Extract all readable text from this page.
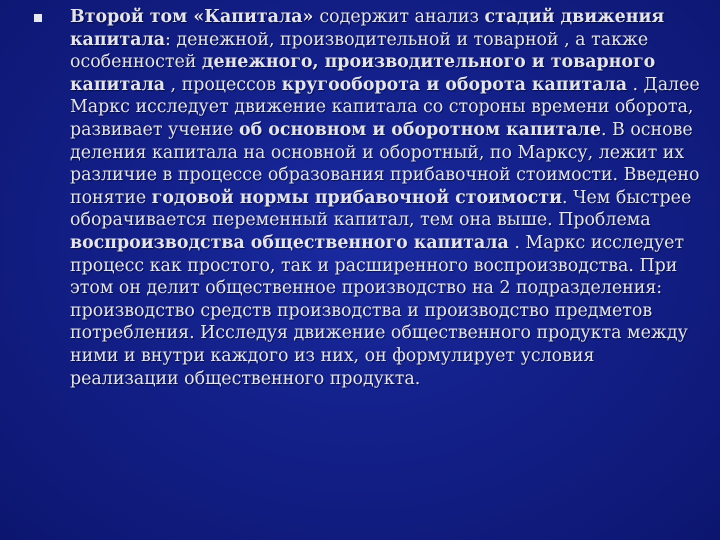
Второй том «Капитала» содержит анализ стадий движения капитала: денежной, производительной и товарной , а также особенностей денежного, производительного и товарного капитала , процессов кругооборота и оборота капитала . Далее Маркс исследует движение капитала со стороны времени оборота, развивает учение об основном и оборотном капитале. В основе деления капитала на основной и оборотный, по Марксу, лежит их различие в процессе образования прибавочной стоимости. Введено понятие годовой нормы прибавочной стоимости. Чем быстрее оборачивается переменный капитал, тем она выше. Проблема воспроизводства общественного капитала . Маркс исследует процесс как простого, так и расширенного воспроизводства. При этом он делит общественное производство на 2 подразделения: производство средств производства и производство предметов потребления. Исследуя движение общественного продукта между ними и внутри каждого из них, он формулирует условия реализации общественного продукта.
